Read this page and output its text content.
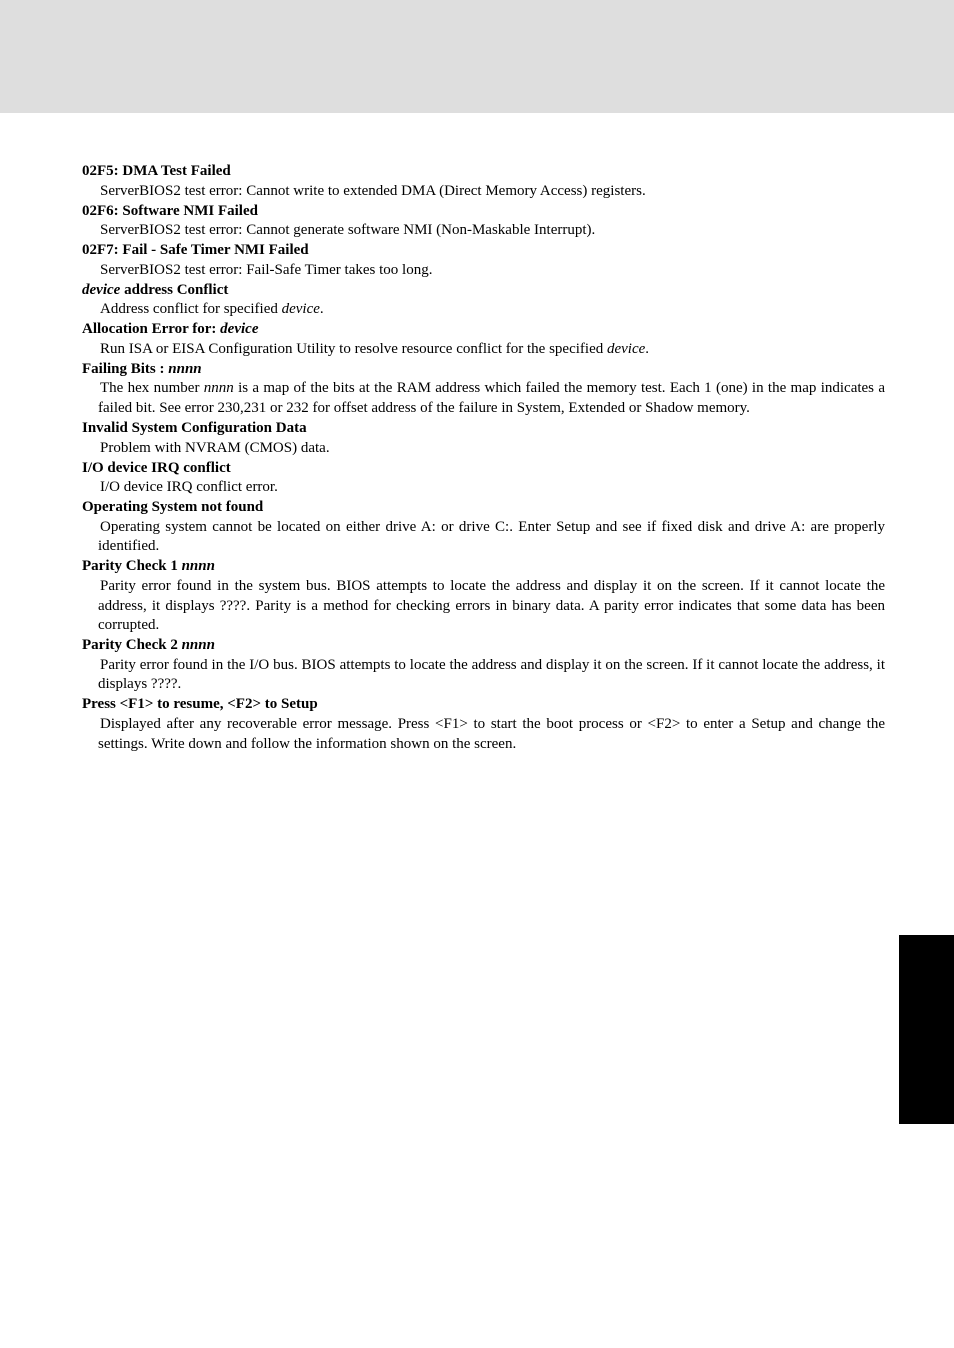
02F5: DMA Test Failed

ServerBIOS2 test error: Cannot write to extended DMA (Direct Memory Access) registers.

02F6: Software NMI Failed

ServerBIOS2 test error: Cannot generate software NMI (Non-Maskable Interrupt).

02F7: Fail - Safe Timer NMI Failed

ServerBIOS2 test error: Fail-Safe Timer takes too long.

device address Conflict

Address conflict for specified device.

Allocation Error for: device

Run ISA or EISA Configuration Utility to resolve resource conflict for the specified device.

Failing Bits : nnnn

The hex number nnnn is a map of the bits at the RAM address which failed the memory test. Each 1 (one) in the map indicates a failed bit. See error 230,231 or 232 for offset address of the failure in System, Extended or Shadow memory.

Invalid System Configuration Data

Problem with NVRAM (CMOS) data.

I/O device IRQ conflict

I/O device IRQ conflict error.

Operating System not found

Operating system cannot be located on either drive A: or drive C:. Enter Setup and see if fixed disk and drive A: are properly identified.

Parity Check 1 nnnn

Parity error found in the system bus. BIOS attempts to locate the address and display it on the screen. If it cannot locate the address, it displays ????. Parity is a method for checking errors in binary data. A parity error indicates that some data has been corrupted.

Parity Check 2 nnnn

Parity error found in the I/O bus. BIOS attempts to locate the address and display it on the screen. If it cannot locate the address, it displays ????.

Press <F1> to resume, <F2> to Setup

Displayed after any recoverable error message. Press <F1> to start the boot process or <F2> to enter a Setup and change the settings. Write down and follow the information shown on the screen.
